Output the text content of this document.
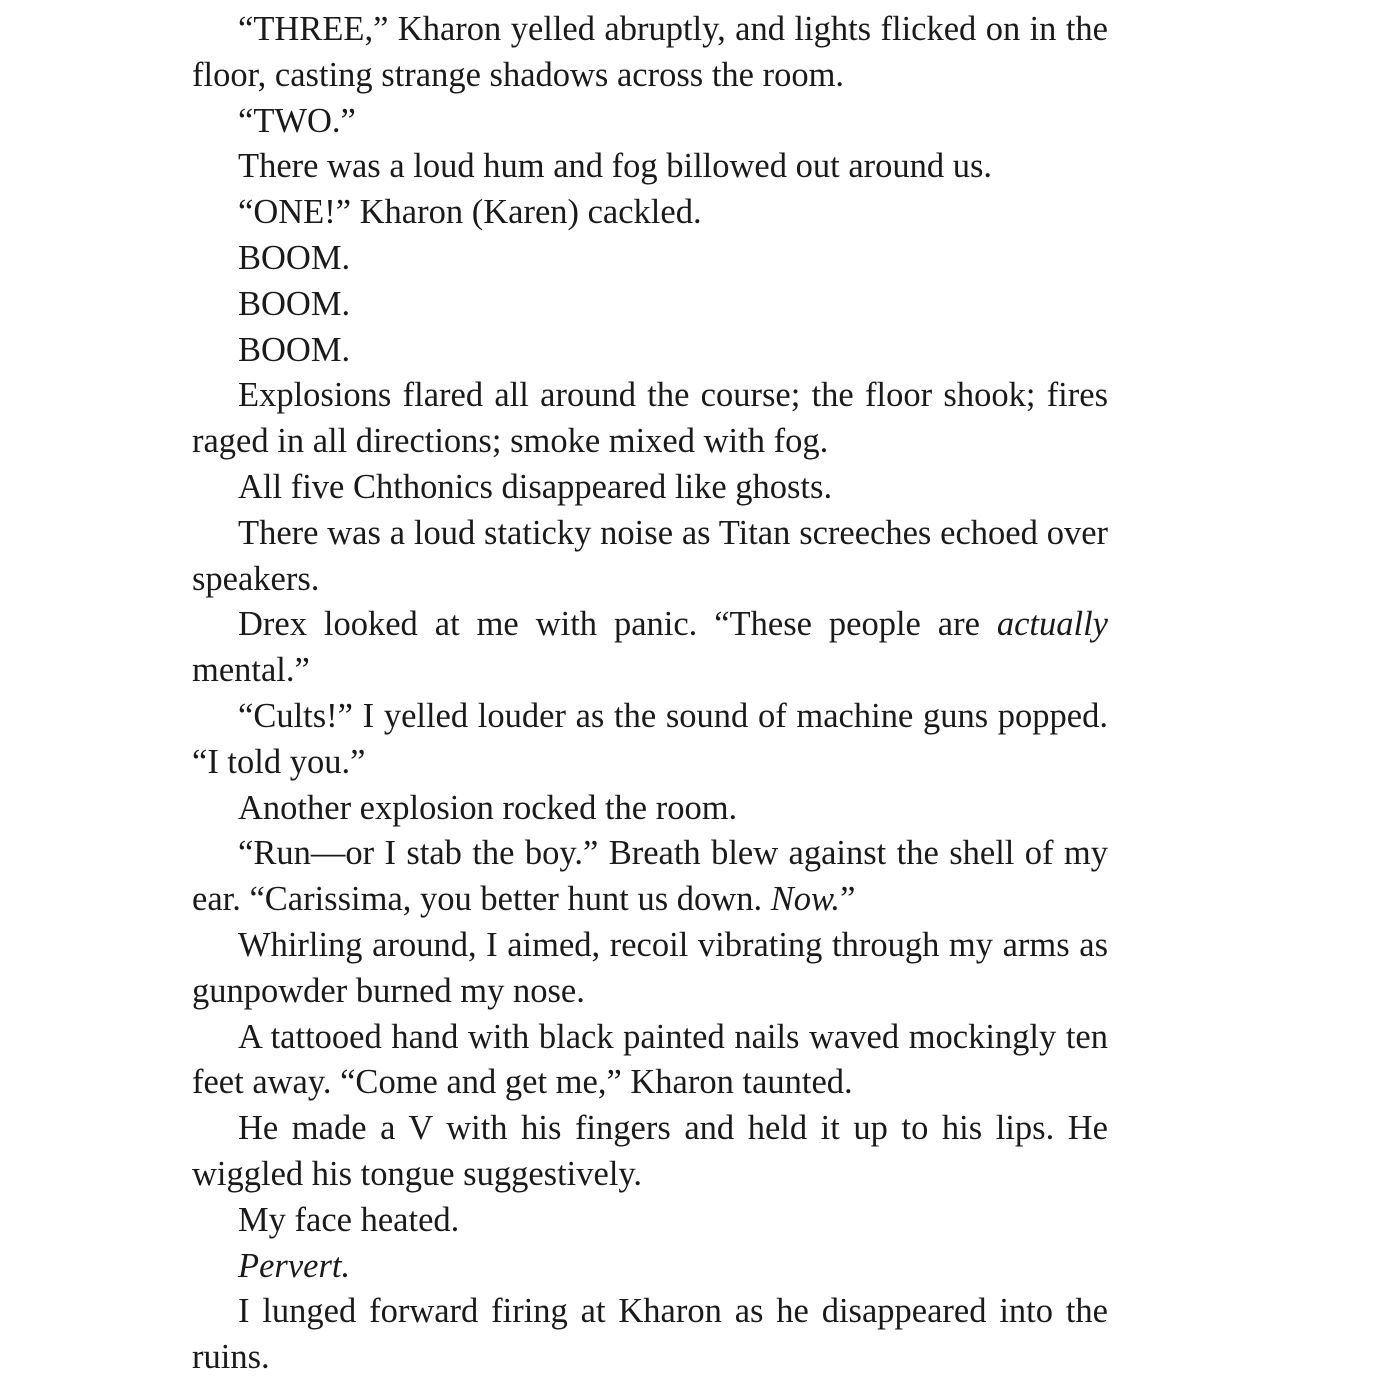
“THREE,” Kharon yelled abruptly, and lights flicked on in the floor, casting strange shadows across the room.

“TWO.”

There was a loud hum and fog billowed out around us.

“ONE!” Kharon (Karen) cackled.

BOOM.

BOOM.

BOOM.

Explosions flared all around the course; the floor shook; fires raged in all directions; smoke mixed with fog.

All five Chthonics disappeared like ghosts.

There was a loud staticky noise as Titan screeches echoed over speakers.

Drex looked at me with panic. “These people are actually mental.”

“Cults!” I yelled louder as the sound of machine guns popped. “I told you.”

Another explosion rocked the room.

“Run—or I stab the boy.” Breath blew against the shell of my ear. “Carissima, you better hunt us down. Now.”

Whirling around, I aimed, recoil vibrating through my arms as gunpowder burned my nose.

A tattooed hand with black painted nails waved mockingly ten feet away. “Come and get me,” Kharon taunted.

He made a V with his fingers and held it up to his lips. He wiggled his tongue suggestively.

My face heated.

Pervert.

I lunged forward firing at Kharon as he disappeared into the ruins.
